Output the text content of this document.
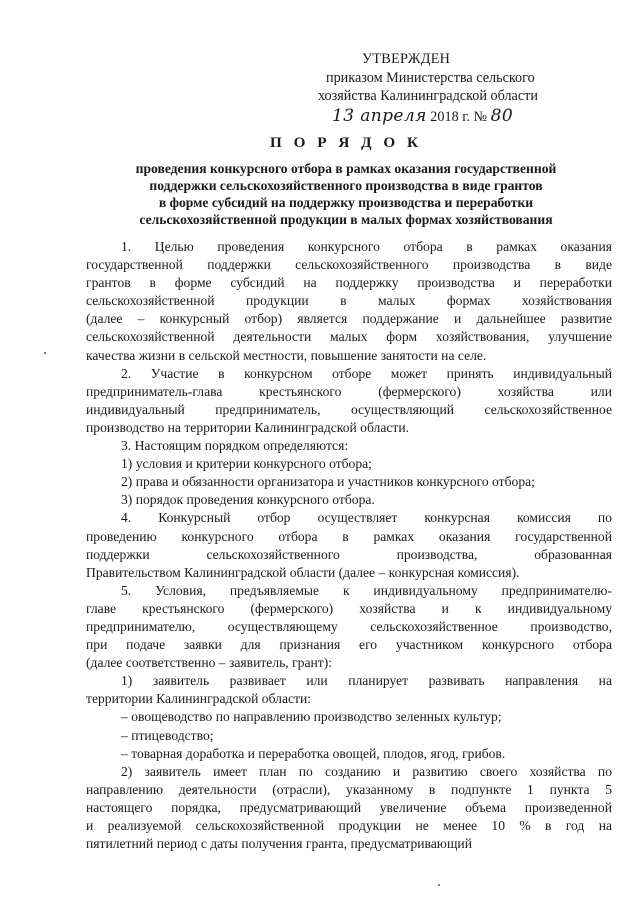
УТВЕРЖДЕН
приказом Министерства сельского
хозяйства Калининградской области
13 апреля 2018 г. № 80
П О Р Я Д О К
проведения конкурсного отбора в рамках оказания государственной
поддержки сельскохозяйственного производства в виде грантов
в форме субсидий на поддержку производства и переработки
сельскохозяйственной продукции в малых формах хозяйствования
1. Целью проведения конкурсного отбора в рамках оказания
государственной поддержки сельскохозяйственного производства в виде
грантов в форме субсидий на поддержку производства и переработки
сельскохозяйственной продукции в малых формах хозяйствования
(далее – конкурсный отбор) является поддержание и дальнейшее развитие
сельскохозяйственной деятельности малых форм хозяйствования, улучшение
качества жизни в сельской местности, повышение занятости на селе.
2. Участие в конкурсном отборе может принять индивидуальный
предприниматель-глава крестьянского (фермерского) хозяйства или
индивидуальный предприниматель, осуществляющий сельскохозяйственное
производство на территории Калининградской области.
3. Настоящим порядком определяются:
1) условия и критерии конкурсного отбора;
2) права и обязанности организатора и участников конкурсного отбора;
3) порядок проведения конкурсного отбора.
4. Конкурсный отбор осуществляет конкурсная комиссия по
проведению конкурсного отбора в рамках оказания государственной
поддержки сельскохозяйственного производства, образованная
Правительством Калининградской области (далее – конкурсная комиссия).
5. Условия, предъявляемые к индивидуальному предпринимателю-
главе крестьянского (фермерского) хозяйства и к индивидуальному
предпринимателю, осуществляющему сельскохозяйственное производство,
при подаче заявки для признания его участником конкурсного отбора
(далее соответственно – заявитель, грант):
1) заявитель развивает или планирует развивать направления на
территории Калининградской области:
– овощеводство по направлению производство зеленных культур;
– птицеводство;
– товарная доработка и переработка овощей, плодов, ягод, грибов.
2) заявитель имеет план по созданию и развитию своего хозяйства по
направлению деятельности (отрасли), указанному в подпункте 1 пункта 5
настоящего порядка, предусматривающий увеличение объема произведенной
и реализуемой сельскохозяйственной продукции не менее 10 % в год на
пятилетний период с даты получения гранта, предусматривающий
